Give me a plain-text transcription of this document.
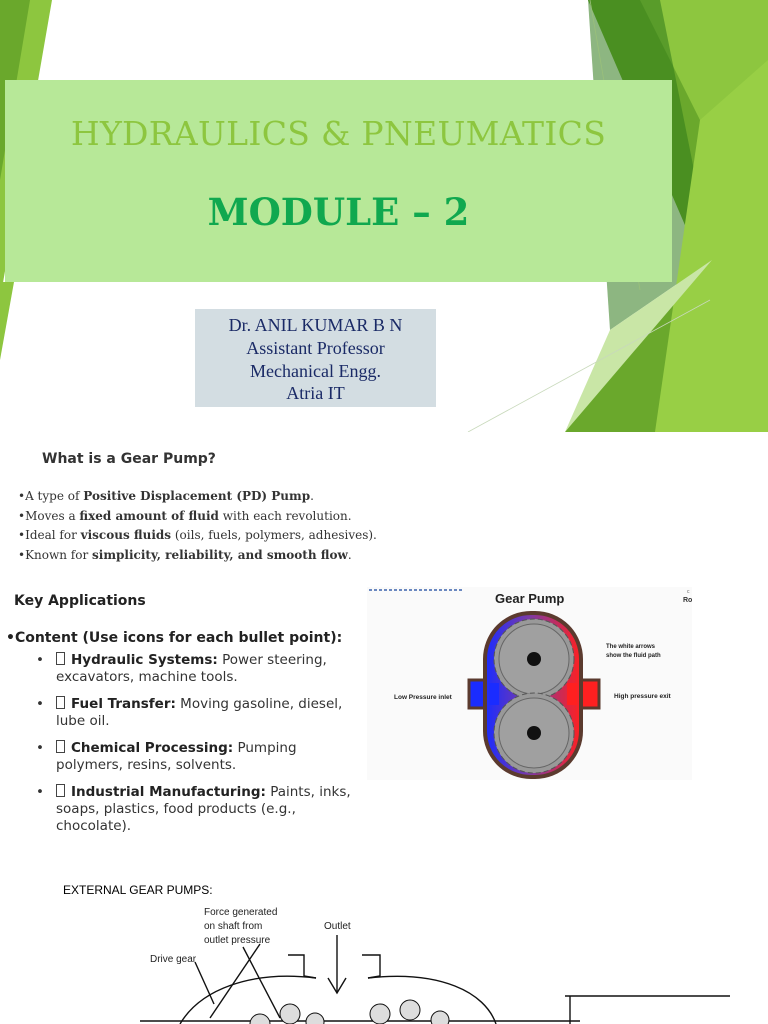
HYDRAULICS & PNEUMATICS
MODULE – 2
Dr. ANIL KUMAR B N
Assistant Professor
Mechanical Engg.
Atria IT
What is a Gear Pump?
•A type of Positive Displacement (PD) Pump.
•Moves a fixed amount of fluid with each revolution.
•Ideal for viscous fluids (oils, fuels, polymers, adhesives).
•Known for simplicity, reliability, and smooth flow.
Key Applications
•Content (Use icons for each bullet point):
• Hydraulic Systems: Power steering, excavators, machine tools.
• Fuel Transfer: Moving gasoline, diesel, lube oil.
• Chemical Processing: Pumping polymers, resins, solvents.
• Industrial Manufacturing: Paints, inks, soaps, plastics, food products (e.g., chocolate).
Gear Pump	Ro
c
Low Pressure inlet	High pressure exit
The white arrows
show the fluid path
EXTERNAL GEAR PUMPS:
Force generated
on shaft from
outlet pressure
Outlet
Drive gear
